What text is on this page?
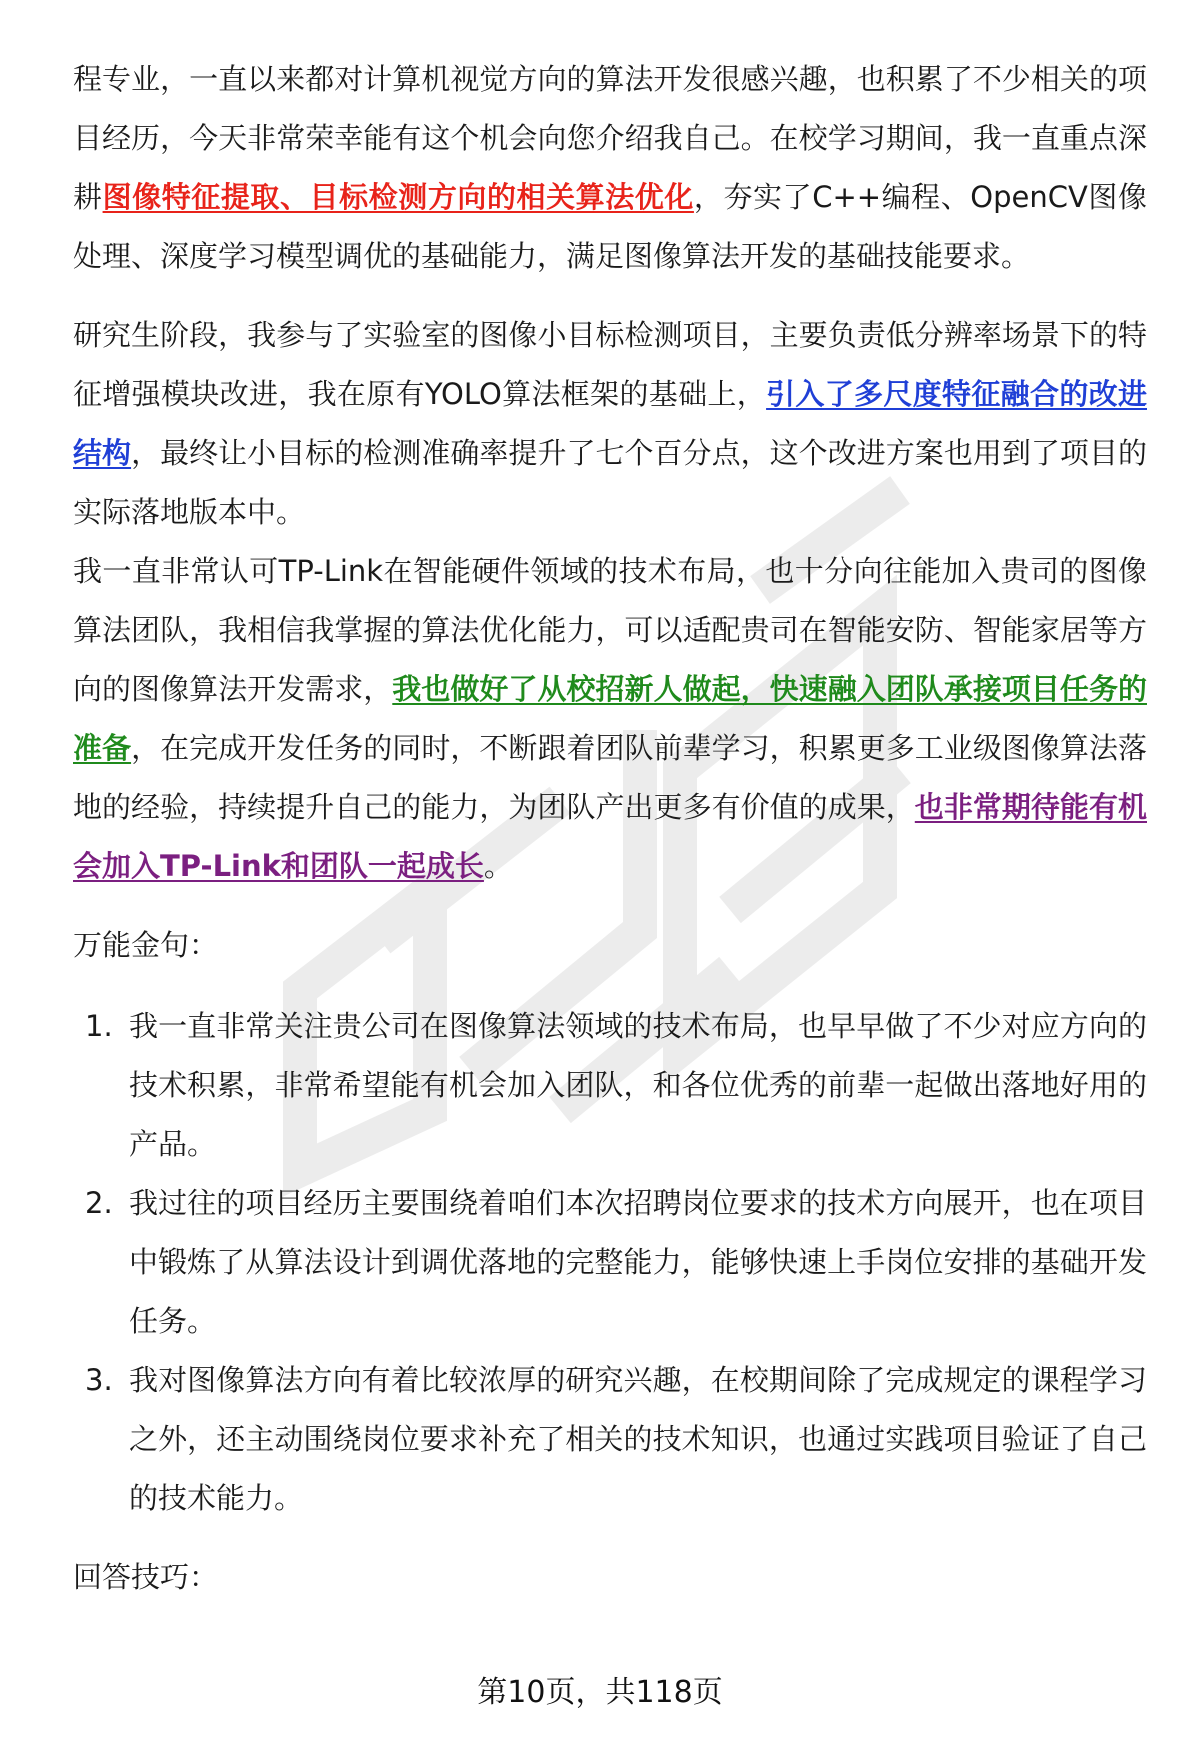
程专业，一直以来都对计算机视觉方向的算法开发很感兴趣，也积累了不少相关的项目经历，今天非常荣幸能有这个机会向您介绍我自己。在校学习期间，我一直重点深耕图像特征提取、目标检测方向的相关算法优化，夯实了C++编程、OpenCV图像处理、深度学习模型调优的基础能力，满足图像算法开发的基础技能要求。

研究生阶段，我参与了实验室的图像小目标检测项目，主要负责低分辨率场景下的特征增强模块改进，我在原有YOLO算法框架的基础上，引入了多尺度特征融合的改进结构，最终让小目标的检测准确率提升了七个百分点，这个改进方案也用到了项目的实际落地版本中。

我一直非常认可TP-Link在智能硬件领域的技术布局，也十分向往能加入贵司的图像算法团队，我相信我掌握的算法优化能力，可以适配贵司在智能安防、智能家居等方向的图像算法开发需求，我也做好了从校招新人做起，快速融入团队承接项目任务的准备，在完成开发任务的同时，不断跟着团队前辈学习，积累更多工业级图像算法落地的经验，持续提升自己的能力，为团队产出更多有价值的成果，也非常期待能有机会加入TP-Link和团队一起成长。

万能金句：

1. 我一直非常关注贵公司在图像算法领域的技术布局，也早早做了不少对应方向的技术积累，非常希望能有机会加入团队，和各位优秀的前辈一起做出落地好用的产品。
2. 我过往的项目经历主要围绕着咱们本次招聘岗位要求的技术方向展开，也在项目中锻炼了从算法设计到调优落地的完整能力，能够快速上手岗位安排的基础开发任务。
3. 我对图像算法方向有着比较浓厚的研究兴趣，在校期间除了完成规定的课程学习之外，还主动围绕岗位要求补充了相关的技术知识，也通过实践项目验证了自己的技术能力。

回答技巧：

第10页，共118页
